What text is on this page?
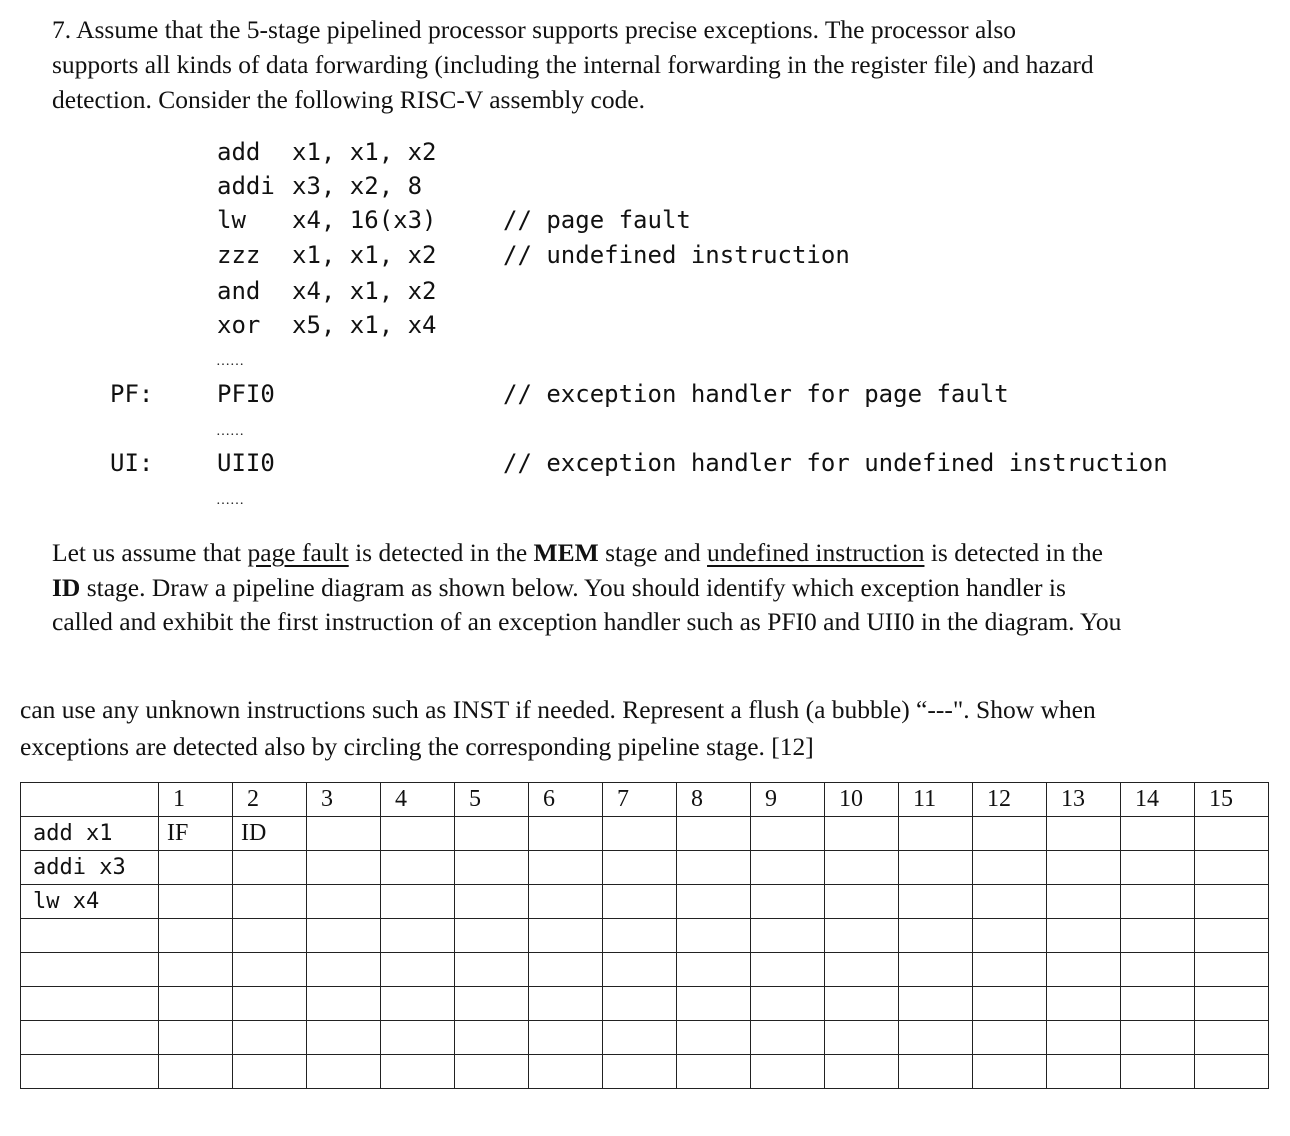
7. Assume that the 5-stage pipelined processor supports precise exceptions. The processor also
supports all kinds of data forwarding (including the internal forwarding in the register file) and hazard
detection. Consider the following RISC-V assembly code.
add x1, x1, x2
addi x3, x2, 8
lw x4, 16(x3)	// page fault
zzz x1, x1, x2	// undefined instruction
and x4, x1, x2
xor x5, x1, x4
……
PF:	PFI0	// exception handler for page fault
……
UI:	UII0	// exception handler for undefined instruction
……
Let us assume that page fault is detected in the MEM stage and undefined instruction is detected in the
ID stage. Draw a pipeline diagram as shown below. You should identify which exception handler is
called and exhibit the first instruction of an exception handler such as PFI0 and UII0 in the diagram. You
can use any unknown instructions such as INST if needed. Represent a flush (a bubble) “---". Show when
exceptions are detected also by circling the corresponding pipeline stage. [12]
	1	2	3	4	5	6	7	8	9	10	11	12	13	14	15
add x1	IF	ID													
addi x3															
lw x4															
